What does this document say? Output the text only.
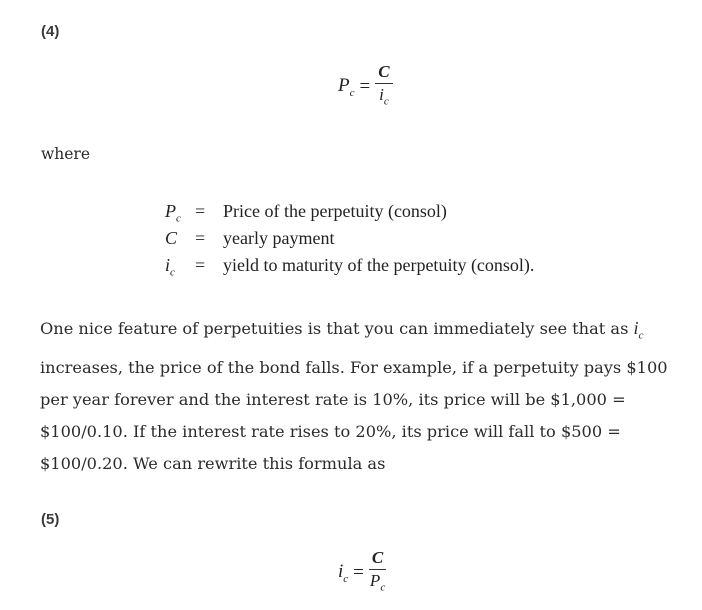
(4)
$P_c = \frac{C}{i_c}$
where
$P_c$ = Price of the perpetuity (consol)
C = yearly payment
$i_c$	= yield to maturity of the perpetuity (consol).
One nice feature of perpetuities is that you can immediately see that as $i_c$ increases, the price of the bond falls. For example, if a perpetuity pays $100 per year forever and the interest rate is 10%, its price will be $1,000 = $100/0.10. If the interest rate rises to 20%, its price will fall to $500 = $100/0.20. We can rewrite this formula as
(5)
$i_c = \frac{C}{P_c}$
